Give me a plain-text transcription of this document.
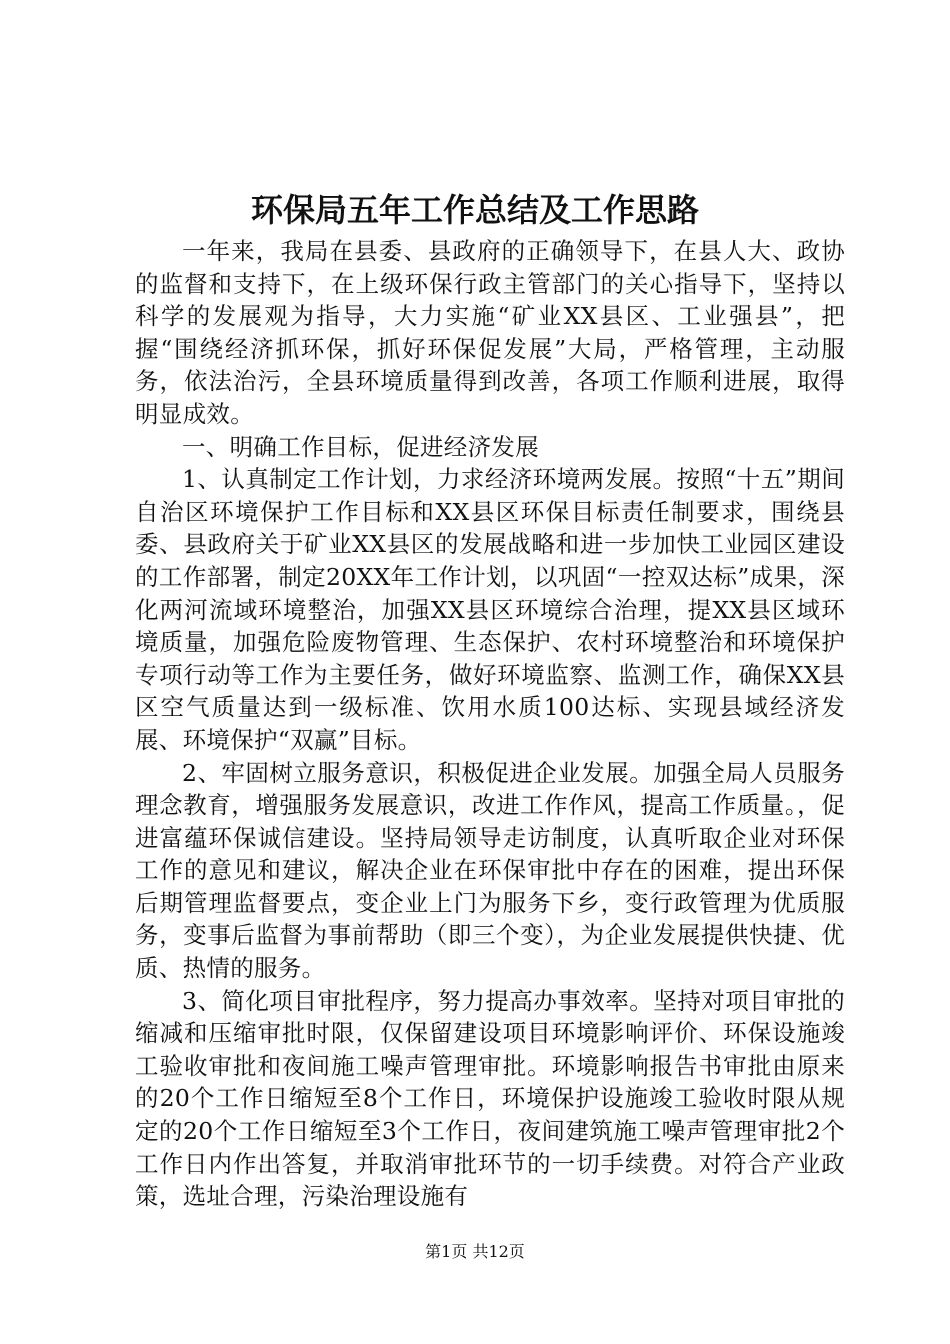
环保局五年工作总结及工作思路

一年来，我局在县委、县政府的正确领导下，在县人大、政协的监督和支持下，在上级环保行政主管部门的关心指导下，坚持以科学的发展观为指导，大力实施“矿业XX县区、工业强县”，把握“围绕经济抓环保，抓好环保促发展”大局，严格管理，主动服务，依法治污，全县环境质量得到改善，各项工作顺利进展，取得明显成效。

一、明确工作目标，促进经济发展

1、认真制定工作计划，力求经济环境两发展。按照“十五”期间自治区环境保护工作目标和XX县区环保目标责任制要求，围绕县委、县政府关于矿业XX县区的发展战略和进一步加快工业园区建设的工作部署，制定20XX年工作计划，以巩固“一控双达标”成果，深化两河流域环境整治，加强XX县区环境综合治理，提XX县区域环境质量，加强危险废物管理、生态保护、农村环境整治和环境保护专项行动等工作为主要任务，做好环境监察、监测工作，确保XX县区空气质量达到一级标准、饮用水质100达标、实现县域经济发展、环境保护“双赢”目标。

2、牢固树立服务意识，积极促进企业发展。加强全局人员服务理念教育，增强服务发展意识，改进工作作风，提高工作质量。，促进富蕴环保诚信建设。坚持局领导走访制度，认真听取企业对环保工作的意见和建议，解决企业在环保审批中存在的困难，提出环保后期管理监督要点，变企业上门为服务下乡，变行政管理为优质服务，变事后监督为事前帮助（即三个变），为企业发展提供快捷、优质、热情的服务。

3、简化项目审批程序，努力提高办事效率。坚持对项目审批的缩减和压缩审批时限，仅保留建设项目环境影响评价、环保设施竣工验收审批和夜间施工噪声管理审批。环境影响报告书审批由原来的20个工作日缩短至8个工作日，环境保护设施竣工验收时限从规定的20个工作日缩短至3个工作日，夜间建筑施工噪声管理审批2个工作日内作出答复，并取消审批环节的一切手续费。对符合产业政策，选址合理，污染治理设施有

第1页 共12页
